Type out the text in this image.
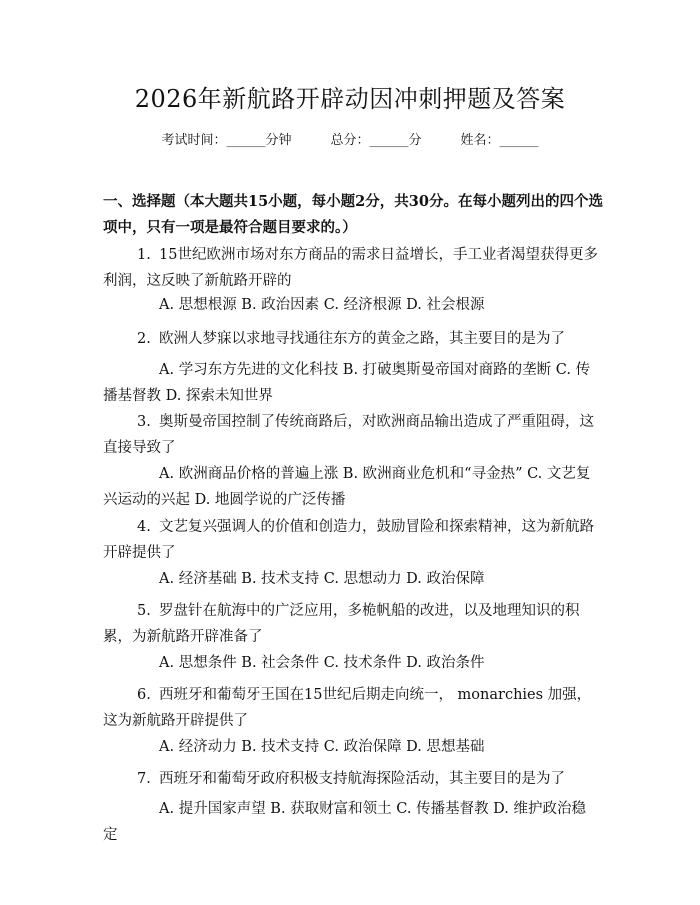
2026年新航路开辟动因冲刺押题及答案
考试时间：______分钟　　　总分：______分　　　姓名：______
一、选择题（本大题共15小题，每小题2分，共30分。在每小题列出的四个选项中，只有一项是最符合题目要求的。）
1. 15世纪欧洲市场对东方商品的需求日益增长，手工业者渴望获得更多利润，这反映了新航路开辟的
A. 思想根源 B. 政治因素 C. 经济根源 D. 社会根源
2. 欧洲人梦寐以求地寻找通往东方的黄金之路，其主要目的是为了
A. 学习东方先进的文化科技 B. 打破奥斯曼帝国对商路的垄断 C. 传播基督教 D. 探索未知世界
3. 奥斯曼帝国控制了传统商路后，对欧洲商品输出造成了严重阻碍，这直接导致了
A. 欧洲商品价格的普遍上涨 B. 欧洲商业危机和“寻金热” C. 文艺复兴运动的兴起 D. 地圆学说的广泛传播
4. 文艺复兴强调人的价值和创造力，鼓励冒险和探索精神，这为新航路开辟提供了
A. 经济基础 B. 技术支持 C. 思想动力 D. 政治保障
5. 罗盘针在航海中的广泛应用，多桅帆船的改进，以及地理知识的积累，为新航路开辟准备了
A. 思想条件 B. 社会条件 C. 技术条件 D. 政治条件
6. 西班牙和葡萄牙王国在15世纪后期走向统一， monarchies 加强，这为新航路开辟提供了
A. 经济动力 B. 技术支持 C. 政治保障 D. 思想基础
7. 西班牙和葡萄牙政府积极支持航海探险活动，其主要目的是为了
A. 提升国家声望 B. 获取财富和领土 C. 传播基督教 D. 维护政治稳定
